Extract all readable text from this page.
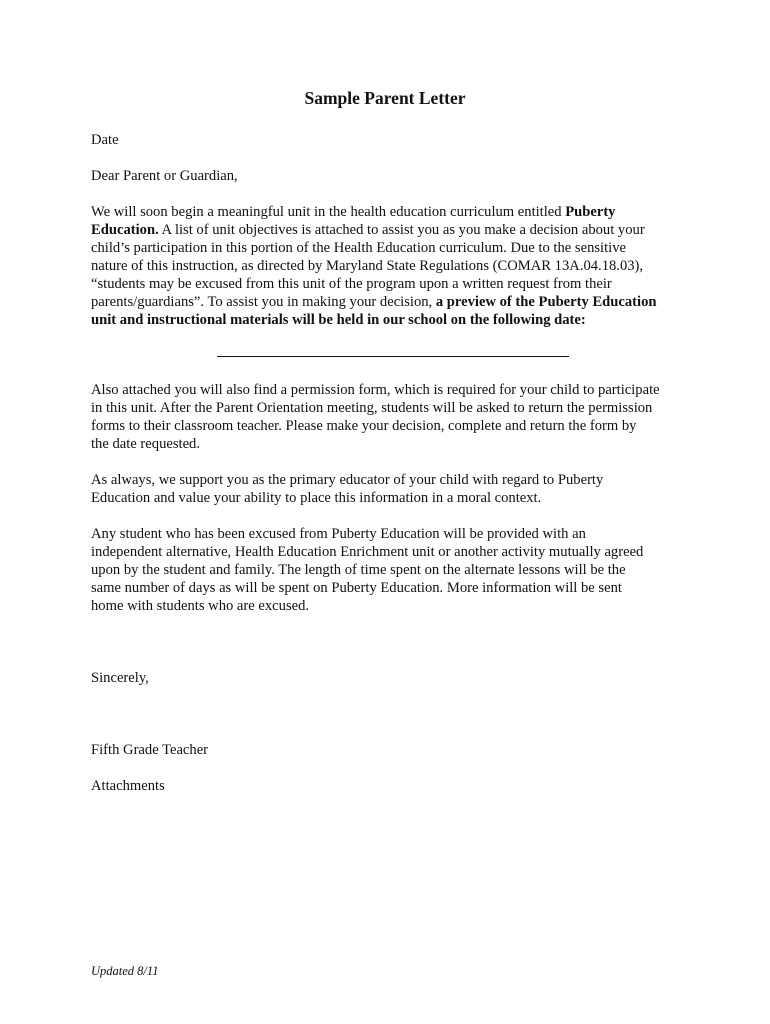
Sample Parent Letter
Date
Dear Parent or Guardian,
We will soon begin a meaningful unit in the health education curriculum entitled Puberty
Education. A list of unit objectives is attached to assist you as you make a decision about your
child’s participation in this portion of the Health Education curriculum. Due to the sensitive
nature of this instruction, as directed by Maryland State Regulations (COMAR 13A.04.18.03),
“students may be excused from this unit of the program upon a written request from their
parents/guardians”. To assist you in making your decision, a preview of the Puberty Education
unit and instructional materials will be held in our school on the following date:
Also attached you will also find a permission form, which is required for your child to participate
in this unit. After the Parent Orientation meeting, students will be asked to return the permission
forms to their classroom teacher. Please make your decision, complete and return the form by
the date requested.
As always, we support you as the primary educator of your child with regard to Puberty
Education and value your ability to place this information in a moral context.
Any student who has been excused from Puberty Education will be provided with an
independent alternative, Health Education Enrichment unit or another activity mutually agreed
upon by the student and family. The length of time spent on the alternate lessons will be the
same number of days as will be spent on Puberty Education. More information will be sent
home with students who are excused.
Sincerely,
Fifth Grade Teacher
Attachments
Updated 8/11
